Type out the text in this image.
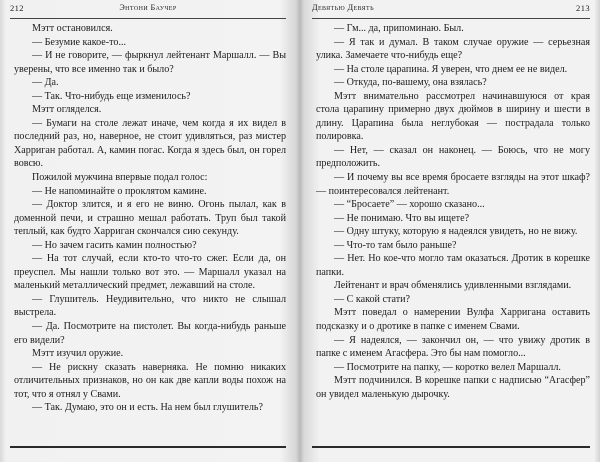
212	Энтони Баучер

Мэтт остановился.

— Безумие какое-то...

— И не говорите, — фыркнул лейтенант Маршалл. — Вы уверены, что все именно так и было?

— Да.

— Так. Что-нибудь еще изменилось?

Мэтт огляделся.

— Бумаги на столе лежат иначе, чем когда я их видел в последний раз, но, наверное, не стоит удивляться, раз мистер Харриган работал. А, камин погас. Когда я здесь был, он горел вовсю.

Пожилой мужчина впервые подал голос:

— Не напоминайте о проклятом камине.

— Доктор злится, и я его не виню. Огонь пылал, как в доменной печи, и страшно мешал работать. Труп был такой теплый, как будто Харриган скончался сию секунду.

— Но зачем гасить камин полностью?

— На тот случай, если кто-то что-то сжег. Если да, он преуспел. Мы нашли только вот это. — Маршалл указал на маленький металлический предмет, лежавший на столе.

— Глушитель. Неудивительно, что никто не слышал выстрела.

— Да. Посмотрите на пистолет. Вы когда-нибудь раньше его видели?

Мэтт изучил оружие.

— Не рискну сказать наверняка. Не помню никаких отличительных признаков, но он как две капли воды похож на тот, что я отнял у Свами.

— Так. Думаю, это он и есть. На нем был глушитель?

Девятью Девять	213

— Гм... да, припоминаю. Был.

— Я так и думал. В таком случае оружие — серьезная улика. Замечаете что-нибудь еще?

— На столе царапина. Я уверен, что днем ее не видел.

— Откуда, по-вашему, она взялась?

Мэтт внимательно рассмотрел начинавшуюся от края стола царапину примерно двух дюймов в ширину и шести в длину. Царапина была неглубокая — пострадала только полировка.

— Нет, — сказал он наконец. — Боюсь, что не могу предположить.

— И почему вы все время бросаете взгляды на этот шкаф? — поинтересовался лейтенант.

— “Бросаете” — хорошо сказано...

— Не понимаю. Что вы ищете?

— Одну штуку, которую я надеялся увидеть, но не вижу.

— Что-то там было раньше?

— Нет. Но кое-что могло там оказаться. Дротик в корешке папки.

Лейтенант и врач обменялись удивленными взглядами.

— С какой стати?

Мэтт поведал о намерении Вулфа Харригана оставить подсказку и о дротике в папке с именем Свами.

— Я надеялся, — закончил он, — что увижу дротик в папке с именем Агасфера. Это бы нам помогло...

— Посмотрите на папку, — коротко велел Маршалл.

Мэтт подчинился. В корешке папки с надписью “Агасфер” он увидел маленькую дырочку.
